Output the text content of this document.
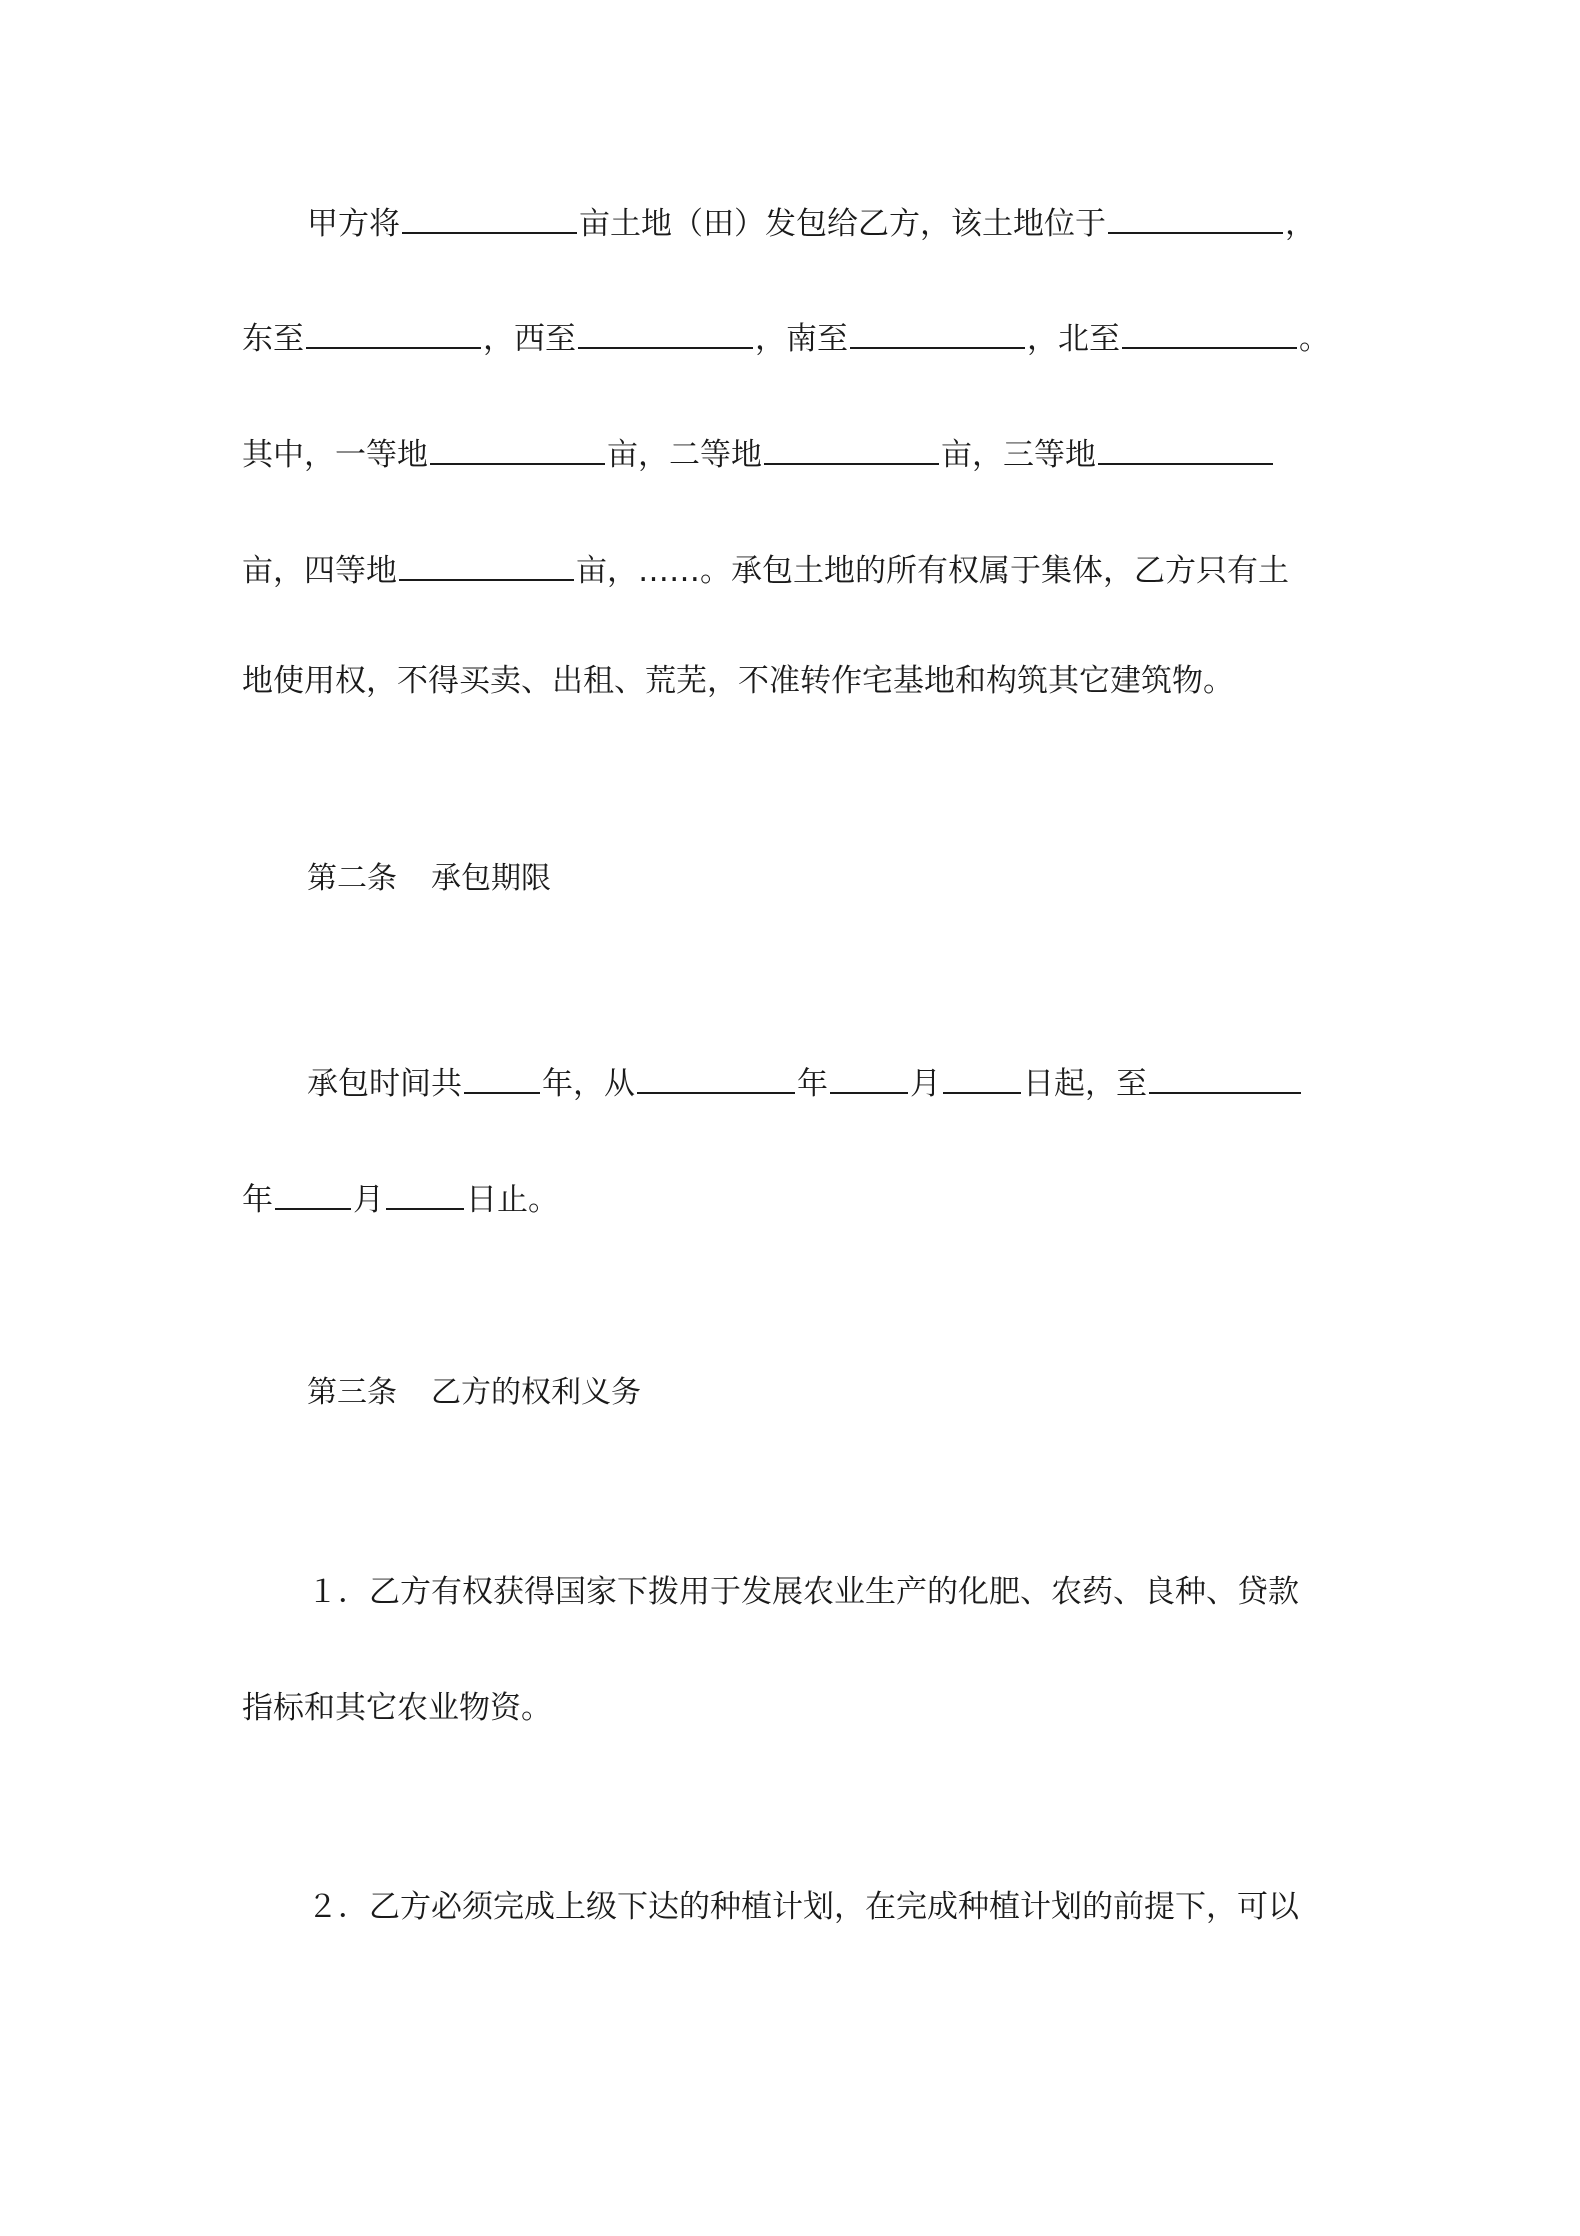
甲方将	亩土地（田）发包给乙方，该土地位于	，
东至	，西至	，南至	，北至	。
其中，一等地	亩，二等地	亩，三等地
亩，四等地	亩，……。承包土地的所有权属于集体，乙方只有土
地使用权，不得买卖、出租、荒芜，不准转作宅基地和构筑其它建筑物。
第二条 承包期限
承包时间共	年，从	年	月	日起，至
年	月	日止。
第三条 乙方的权利义务
１．乙方有权获得国家下拨用于发展农业生产的化肥、农药、良种、贷款
指标和其它农业物资。
２．乙方必须完成上级下达的种植计划，在完成种植计划的前提下，可以
